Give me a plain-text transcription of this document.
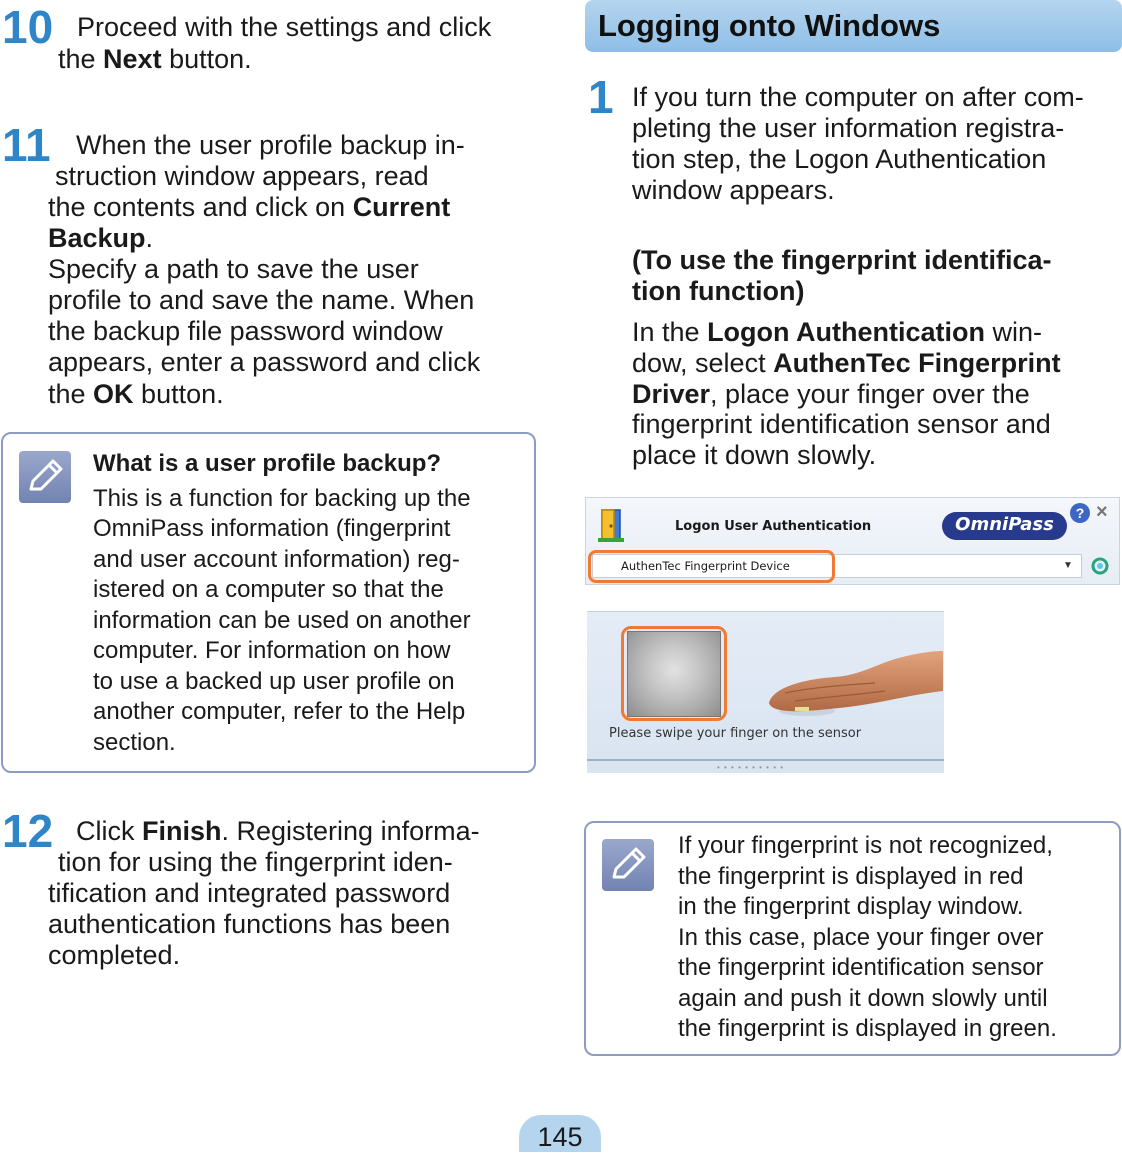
10 Proceed with the settings and click
the Next button.
11 When the user profile backup in-
struction window appears, read
the contents and click on Current
Backup.
Specify a path to save the user
profile to and save the name. When
the backup file password window
appears, enter a password and click
the OK button.
What is a user profile backup?
This is a function for backing up the
OmniPass information (fingerprint
and user account information) reg-
istered on a computer so that the
information can be used on another
computer. For information on how
to use a backed up user profile on
another computer, refer to the Help
section.
12 Click Finish. Registering informa-
tion for using the fingerprint iden-
tification and integrated password
authentication functions has been
completed.
Logging onto Windows
1 If you turn the computer on after com-
pleting the user information registra-
tion step, the Logon Authentication
window appears.
(To use the fingerprint identifica-
tion function)
In the Logon Authentication win-
dow, select AuthenTec Fingerprint
Driver, place your finger over the
fingerprint identification sensor and
place it down slowly.
Logon User Authentication	OmniPass
? ×
AuthenTec Fingerprint Device	▼
Please swipe your finger on the sensor
• • • • • • • • • •
If your fingerprint is not recognized,
the fingerprint is displayed in red
in the fingerprint display window.
In this case, place your finger over
the fingerprint identification sensor
again and push it down slowly until
the fingerprint is displayed in green.
145
